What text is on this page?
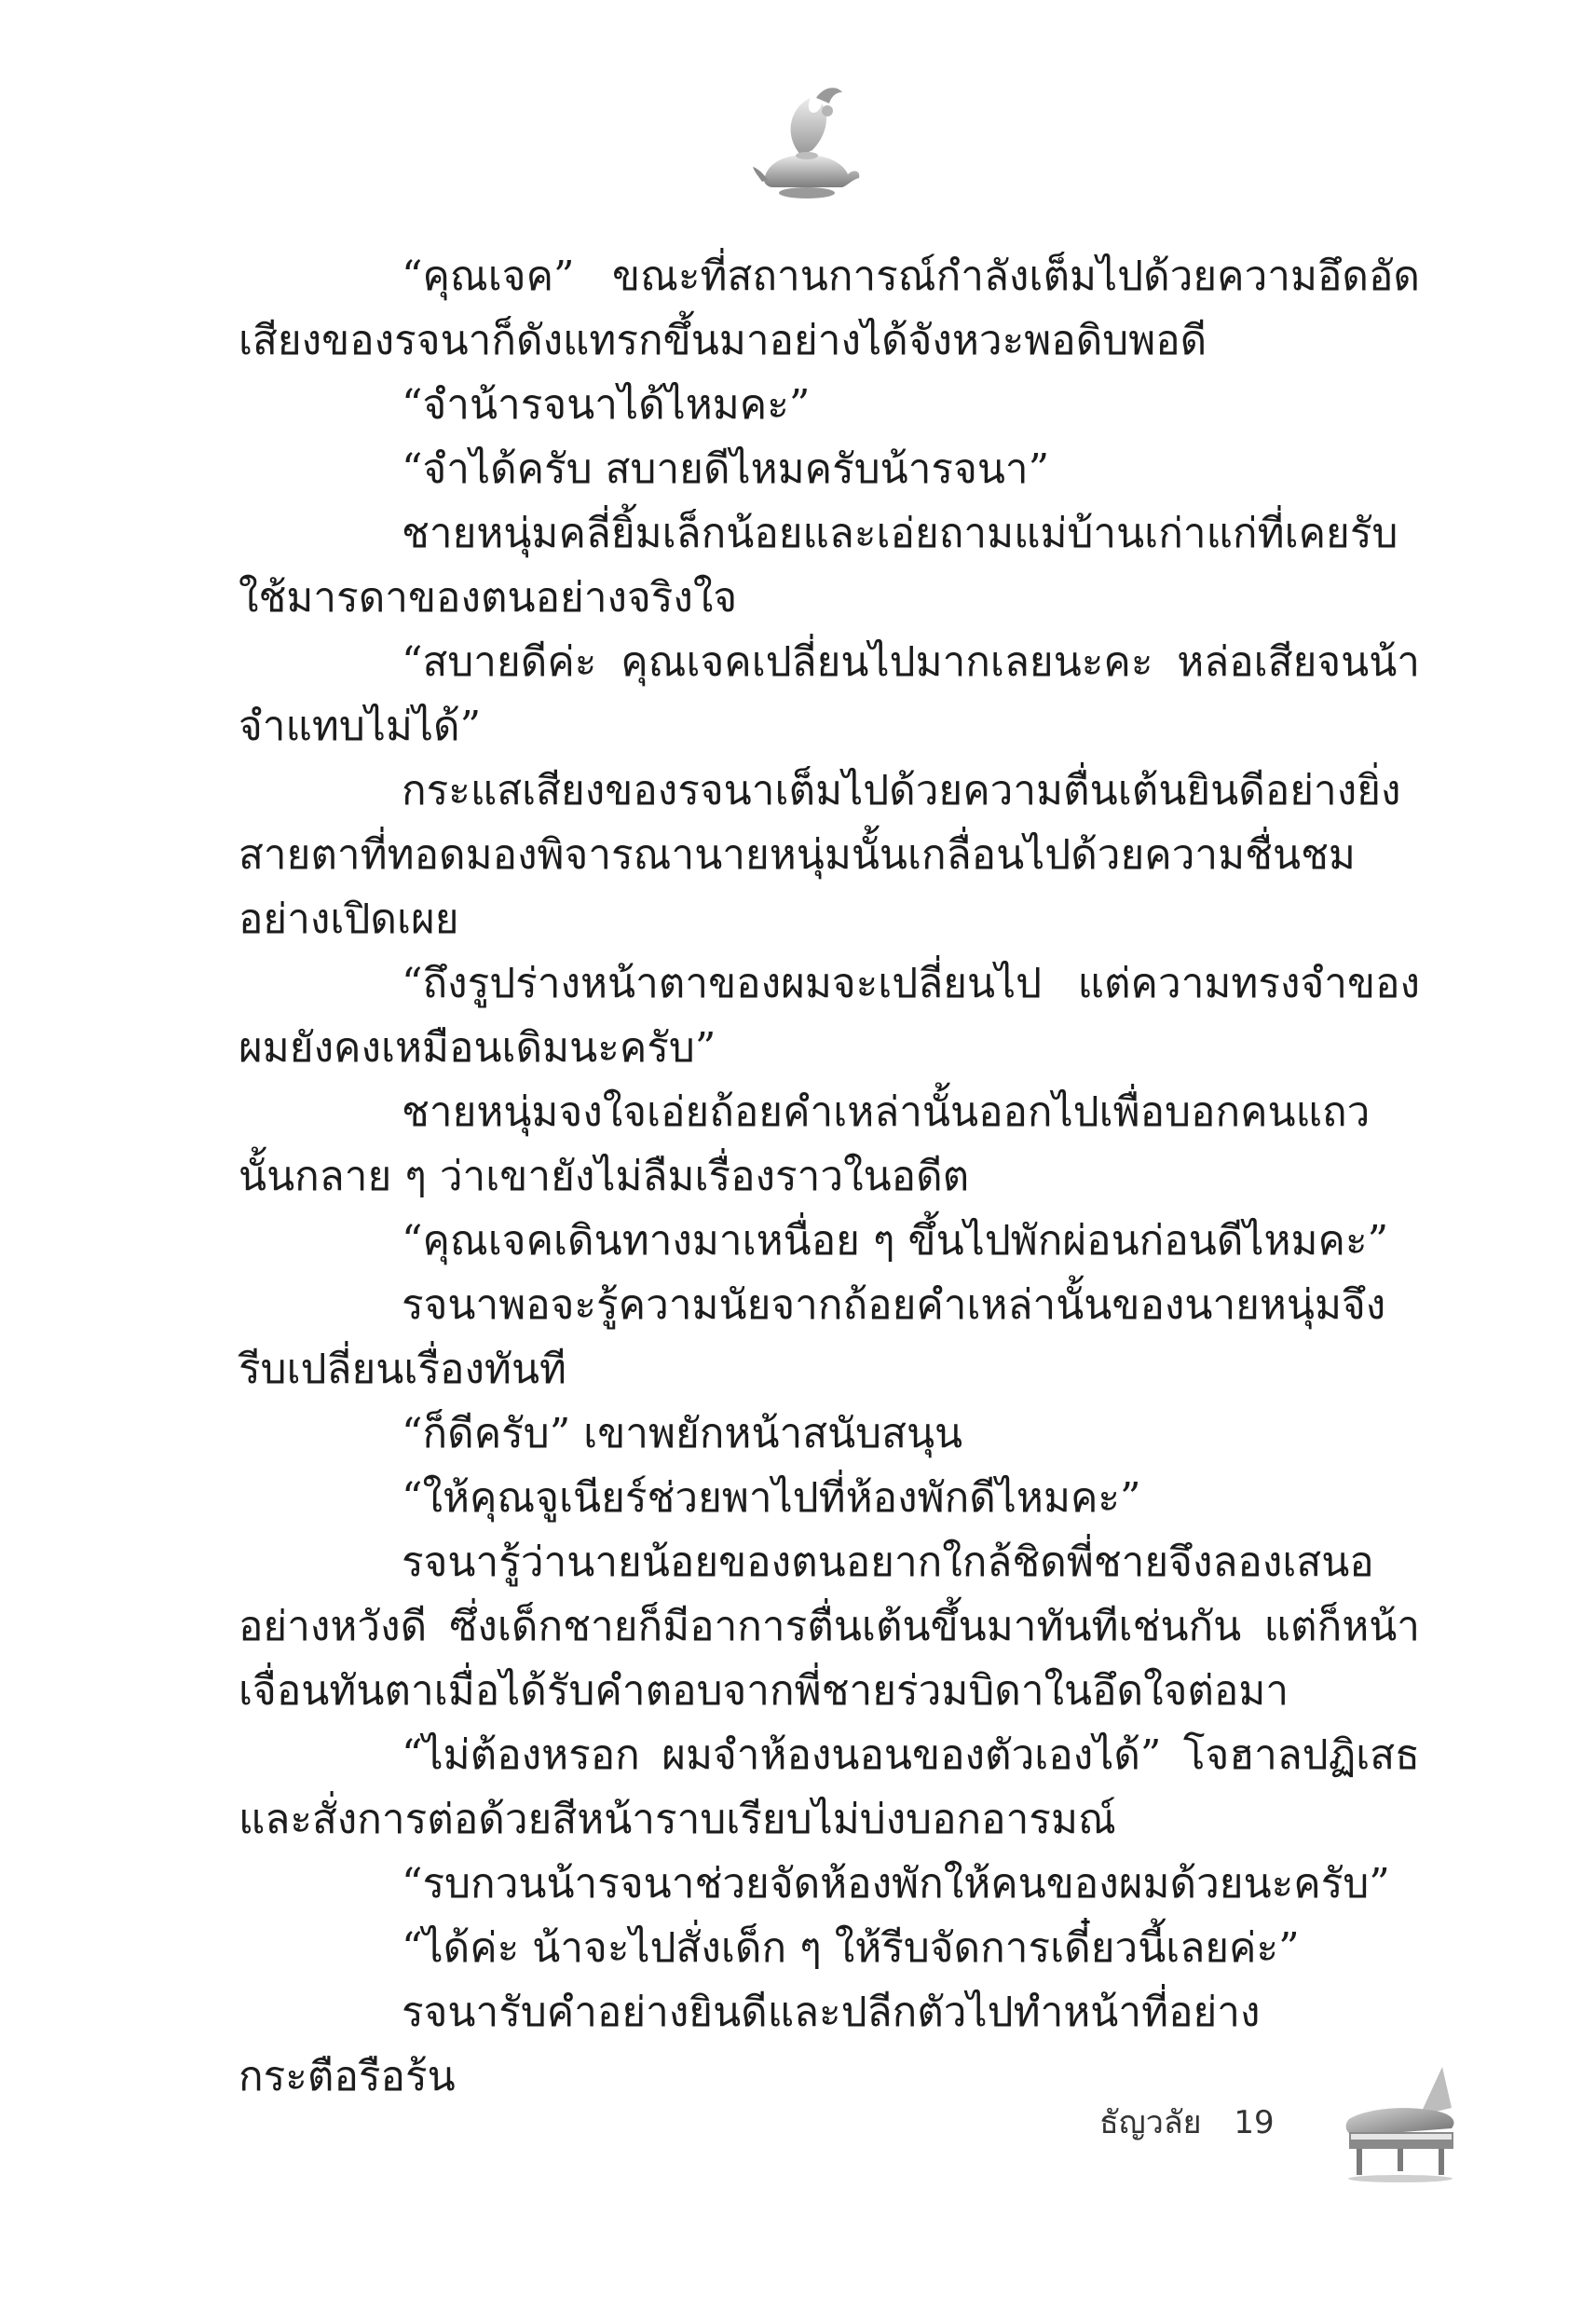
“คุณเจค” ขณะที่สถานการณ์กำลังเต็มไปด้วยความอึดอัด เสียงของรจนาก็ดังแทรกขึ้นมาอย่างได้จังหวะพอดิบพอดี

“จำน้ารจนาได้ไหมคะ”

“จำได้ครับ สบายดีไหมครับน้ารจนา”

ชายหนุ่มคลี่ยิ้มเล็กน้อยและเอ่ยถามแม่บ้านเก่าแก่ที่เคยรับใช้มารดาของตนอย่างจริงใจ

“สบายดีค่ะ คุณเจคเปลี่ยนไปมากเลยนะคะ หล่อเสียจนน้าจำแทบไม่ได้”

กระแสเสียงของรจนาเต็มไปด้วยความตื่นเต้นยินดีอย่างยิ่ง สายตาที่ทอดมองพิจารณานายหนุ่มนั้นเกลื่อนไปด้วยความชื่นชมอย่างเปิดเผย

“ถึงรูปร่างหน้าตาของผมจะเปลี่ยนไป แต่ความทรงจำของผมยังคงเหมือนเดิมนะครับ”

ชายหนุ่มจงใจเอ่ยถ้อยคำเหล่านั้นออกไปเพื่อบอกคนแถวนั้นกลาย ๆ ว่าเขายังไม่ลืมเรื่องราวในอดีต

“คุณเจคเดินทางมาเหนื่อย ๆ ขึ้นไปพักผ่อนก่อนดีไหมคะ”

รจนาพอจะรู้ความนัยจากถ้อยคำเหล่านั้นของนายหนุ่มจึงรีบเปลี่ยนเรื่องทันที

“ก็ดีครับ” เขาพยักหน้าสนับสนุน

“ให้คุณจูเนียร์ช่วยพาไปที่ห้องพักดีไหมคะ”

รจนารู้ว่านายน้อยของตนอยากใกล้ชิดพี่ชายจึงลองเสนออย่างหวังดี ซึ่งเด็กชายก็มีอาการตื่นเต้นขึ้นมาทันทีเช่นกัน แต่ก็หน้าเจื่อนทันตาเมื่อได้รับคำตอบจากพี่ชายร่วมบิดาในอึดใจต่อมา

“ไม่ต้องหรอก ผมจำห้องนอนของตัวเองได้” โจฮาลปฏิเสธและสั่งการต่อด้วยสีหน้าราบเรียบไม่บ่งบอกอารมณ์

“รบกวนน้ารจนาช่วยจัดห้องพักให้คนของผมด้วยนะครับ”

“ได้ค่ะ น้าจะไปสั่งเด็ก ๆ ให้รีบจัดการเดี๋ยวนี้เลยค่ะ”

รจนารับคำอย่างยินดีและปลีกตัวไปทำหน้าที่อย่างกระตือรือร้น

ธัญวลัย 19
